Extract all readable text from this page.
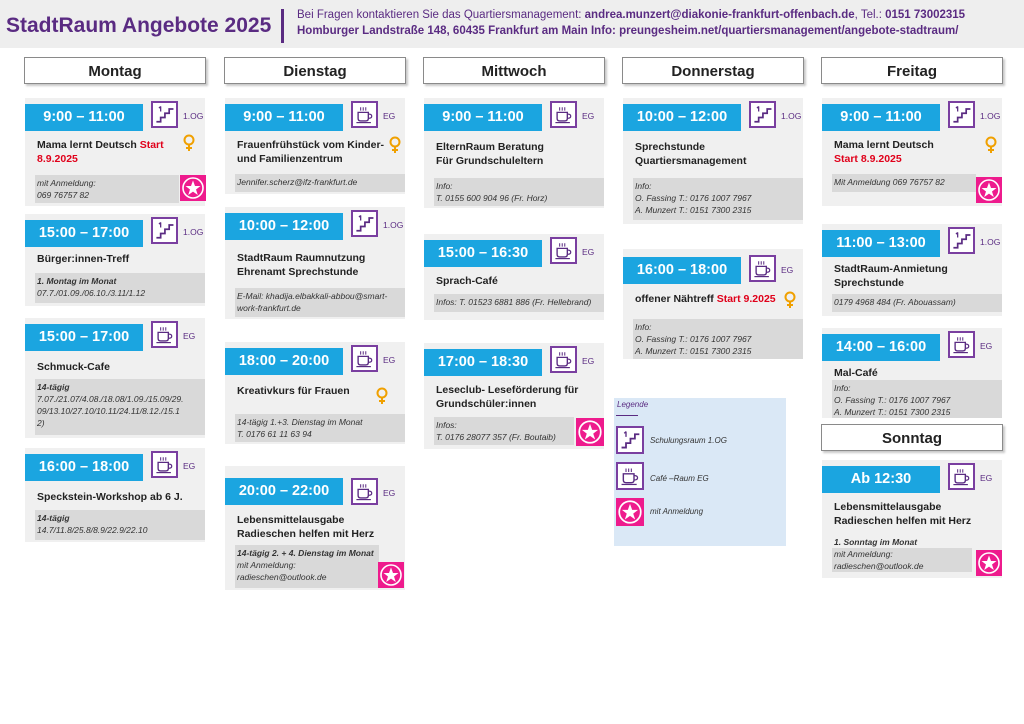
StadtRaum Angebote 2025 Bei Fragen kontaktieren Sie das Quartiersmanagement: andrea.munzert@diakonie-frankfurt-offenbach.de, Tel.: 0151 73002315
Homburger Landstraße 148, 60435 Frankfurt am Main Info: preungesheim.net/quartiersmanagement/angebote-stadtraum/
Montag	Dienstag	Mittwoch	Donnerstag	Freitag
Sonntag
9:00 – 11:00	1.OG
Mama lernt Deutsch Start
8.9.2025
mit Anmeldung:
069 76757 82
15:00 – 17:00	1.OG
Bürger:innen-Treff
1. Montag im Monat
07.7./01.09./06.10./3.11/1.12
15:00 – 17:00	EG
Schmuck-Cafe
14-tägig
7.07./21.07/4.08./18.08/1.09./15.09/29.
09/13.10/27.10/10.11/24.11/8.12./15.1
2)
16:00 – 18:00	EG
Speckstein-Workshop ab 6 J.
14-tägig
14.7/11.8/25.8/8.9/22.9/22.10
9:00 – 11:00	EG
Frauenfrühstück vom Kinder-
und Familienzentrum
Jennifer.scherz@ifz-frankfurt.de
10:00 – 12:00	1.OG
StadtRaum Raumnutzung
Ehrenamt Sprechstunde
E-Mail: khadija.elbakkali-abbou@smart-
work-frankfurt.de
18:00 – 20:00	EG
Kreativkurs für Frauen
14-tägig 1.+3. Dienstag im Monat
T. 0176 61 11 63 94
20:00 – 22:00	EG
Lebensmittelausgabe
Radieschen helfen mit Herz
14-tägig 2. + 4. Dienstag im Monat
mit Anmeldung:
radieschen@outlook.de
9:00 – 11:00	EG
ElternRaum Beratung
Für Grundschuleltern
Info:
T. 0155 600 904 96 (Fr. Horz)
15:00 – 16:30	EG
Sprach-Café
Infos: T. 01523 6881 886 (Fr. Hellebrand)
17:00 – 18:30	EG
Leseclub- Leseförderung für
Grundschüler:innen
Infos:
T. 0176 28077 357 (Fr. Boutaib)
10:00 – 12:00	1.OG
Sprechstunde
Quartiersmanagement
Info:
O. Fassing T.: 0176 1007 7967
A. Munzert T.: 0151 7300 2315
16:00 – 18:00	EG
offener Nähtreff Start 9.2025
Info:
O. Fassing T.: 0176 1007 7967
A. Munzert T.: 0151 7300 2315
Legende
Schulungsraum 1.OG
Café –Raum EG
mit Anmeldung
9:00 – 11:00	1.OG
Mama lernt Deutsch
Start 8.9.2025
Mit Anmeldung 069 76757 82
11:00 – 13:00	1.OG
StadtRaum-Anmietung
Sprechstunde
0179 4968 484 (Fr. Abouassam)
14:00 – 16:00	EG
Mal-Café
Info:
O. Fassing T.: 0176 1007 7967
A. Munzert T.: 0151 7300 2315
Ab 12:30	EG
Lebensmittelausgabe
Radieschen helfen mit Herz
1. Sonntag im Monat
mit Anmeldung:
radieschen@outlook.de
